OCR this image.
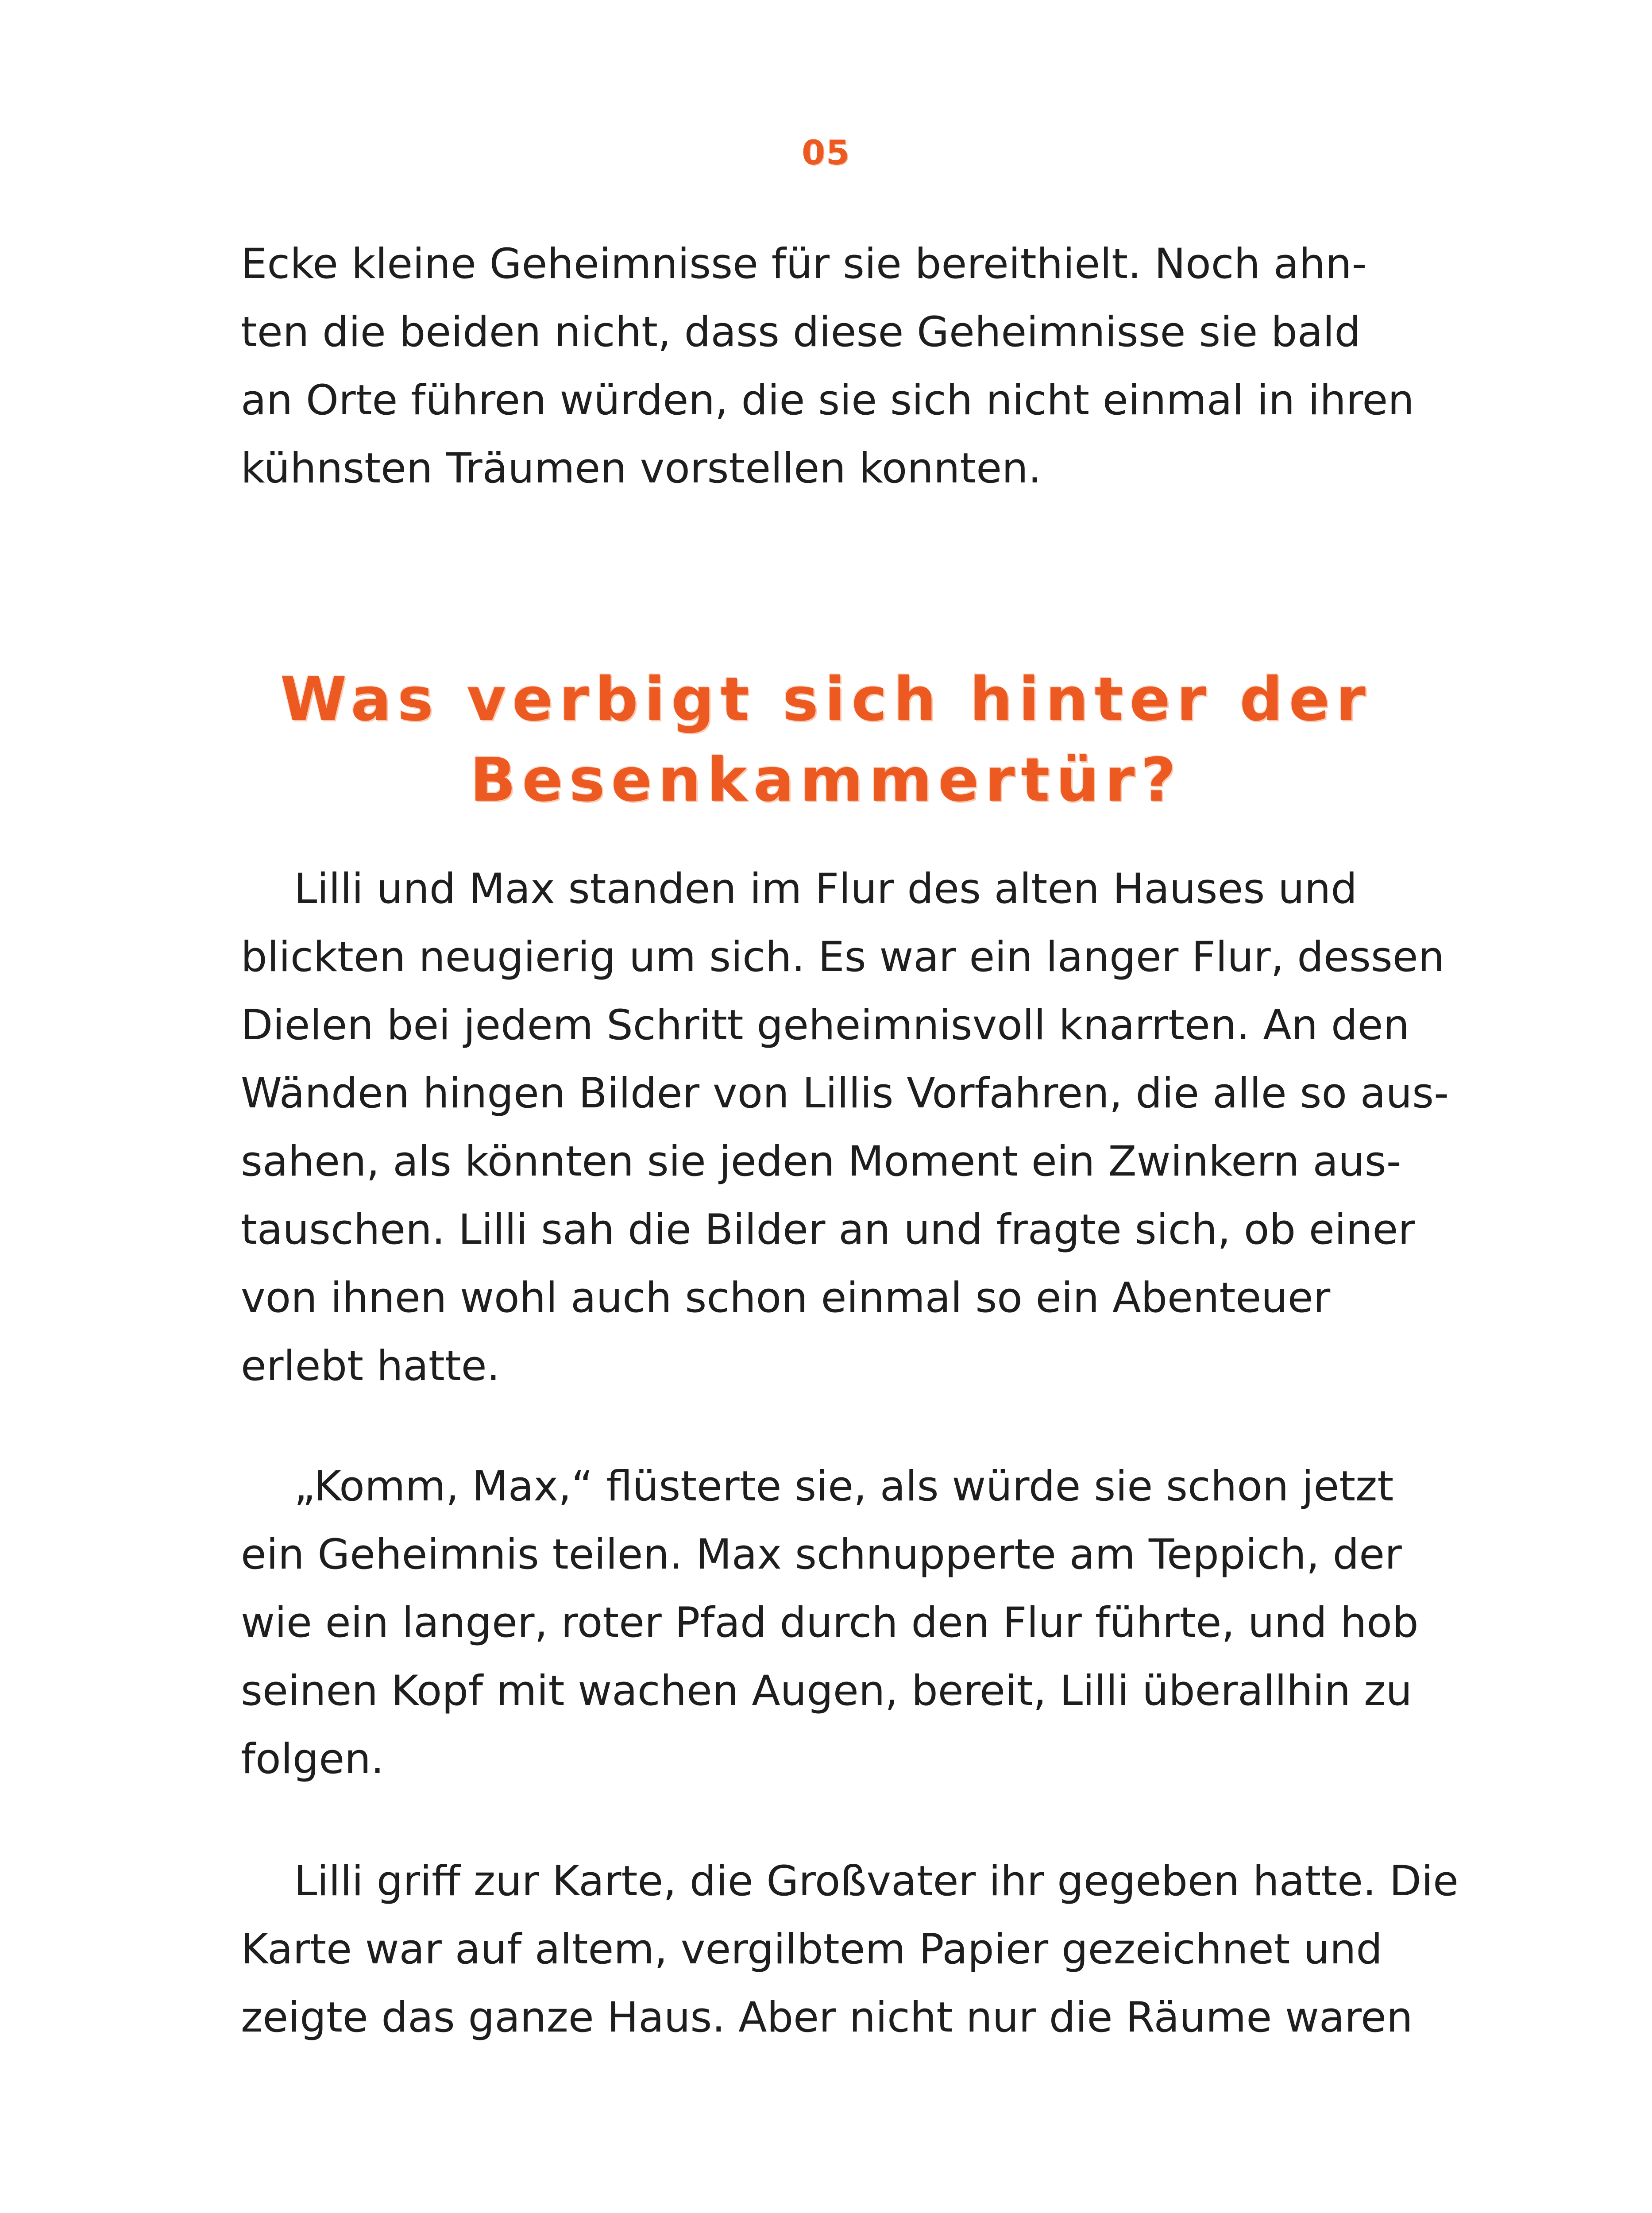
05

Ecke kleine Geheimnisse für sie bereithielt. Noch ahn-
ten die beiden nicht, dass diese Geheimnisse sie bald
an Orte führen würden, die sie sich nicht einmal in ihren
kühnsten Träumen vorstellen konnten.

Was verbigt sich hinter der
Besenkammertür?

Lilli und Max standen im Flur des alten Hauses und
blickten neugierig um sich. Es war ein langer Flur, dessen
Dielen bei jedem Schritt geheimnisvoll knarrten. An den
Wänden hingen Bilder von Lillis Vorfahren, die alle so aus-
sahen, als könnten sie jeden Moment ein Zwinkern aus-
tauschen. Lilli sah die Bilder an und fragte sich, ob einer
von ihnen wohl auch schon einmal so ein Abenteuer
erlebt hatte.

„Komm, Max,“ flüsterte sie, als würde sie schon jetzt
ein Geheimnis teilen. Max schnupperte am Teppich, der
wie ein langer, roter Pfad durch den Flur führte, und hob
seinen Kopf mit wachen Augen, bereit, Lilli überallhin zu
folgen.

Lilli griff zur Karte, die Großvater ihr gegeben hatte. Die
Karte war auf altem, vergilbtem Papier gezeichnet und
zeigte das ganze Haus. Aber nicht nur die Räume waren
